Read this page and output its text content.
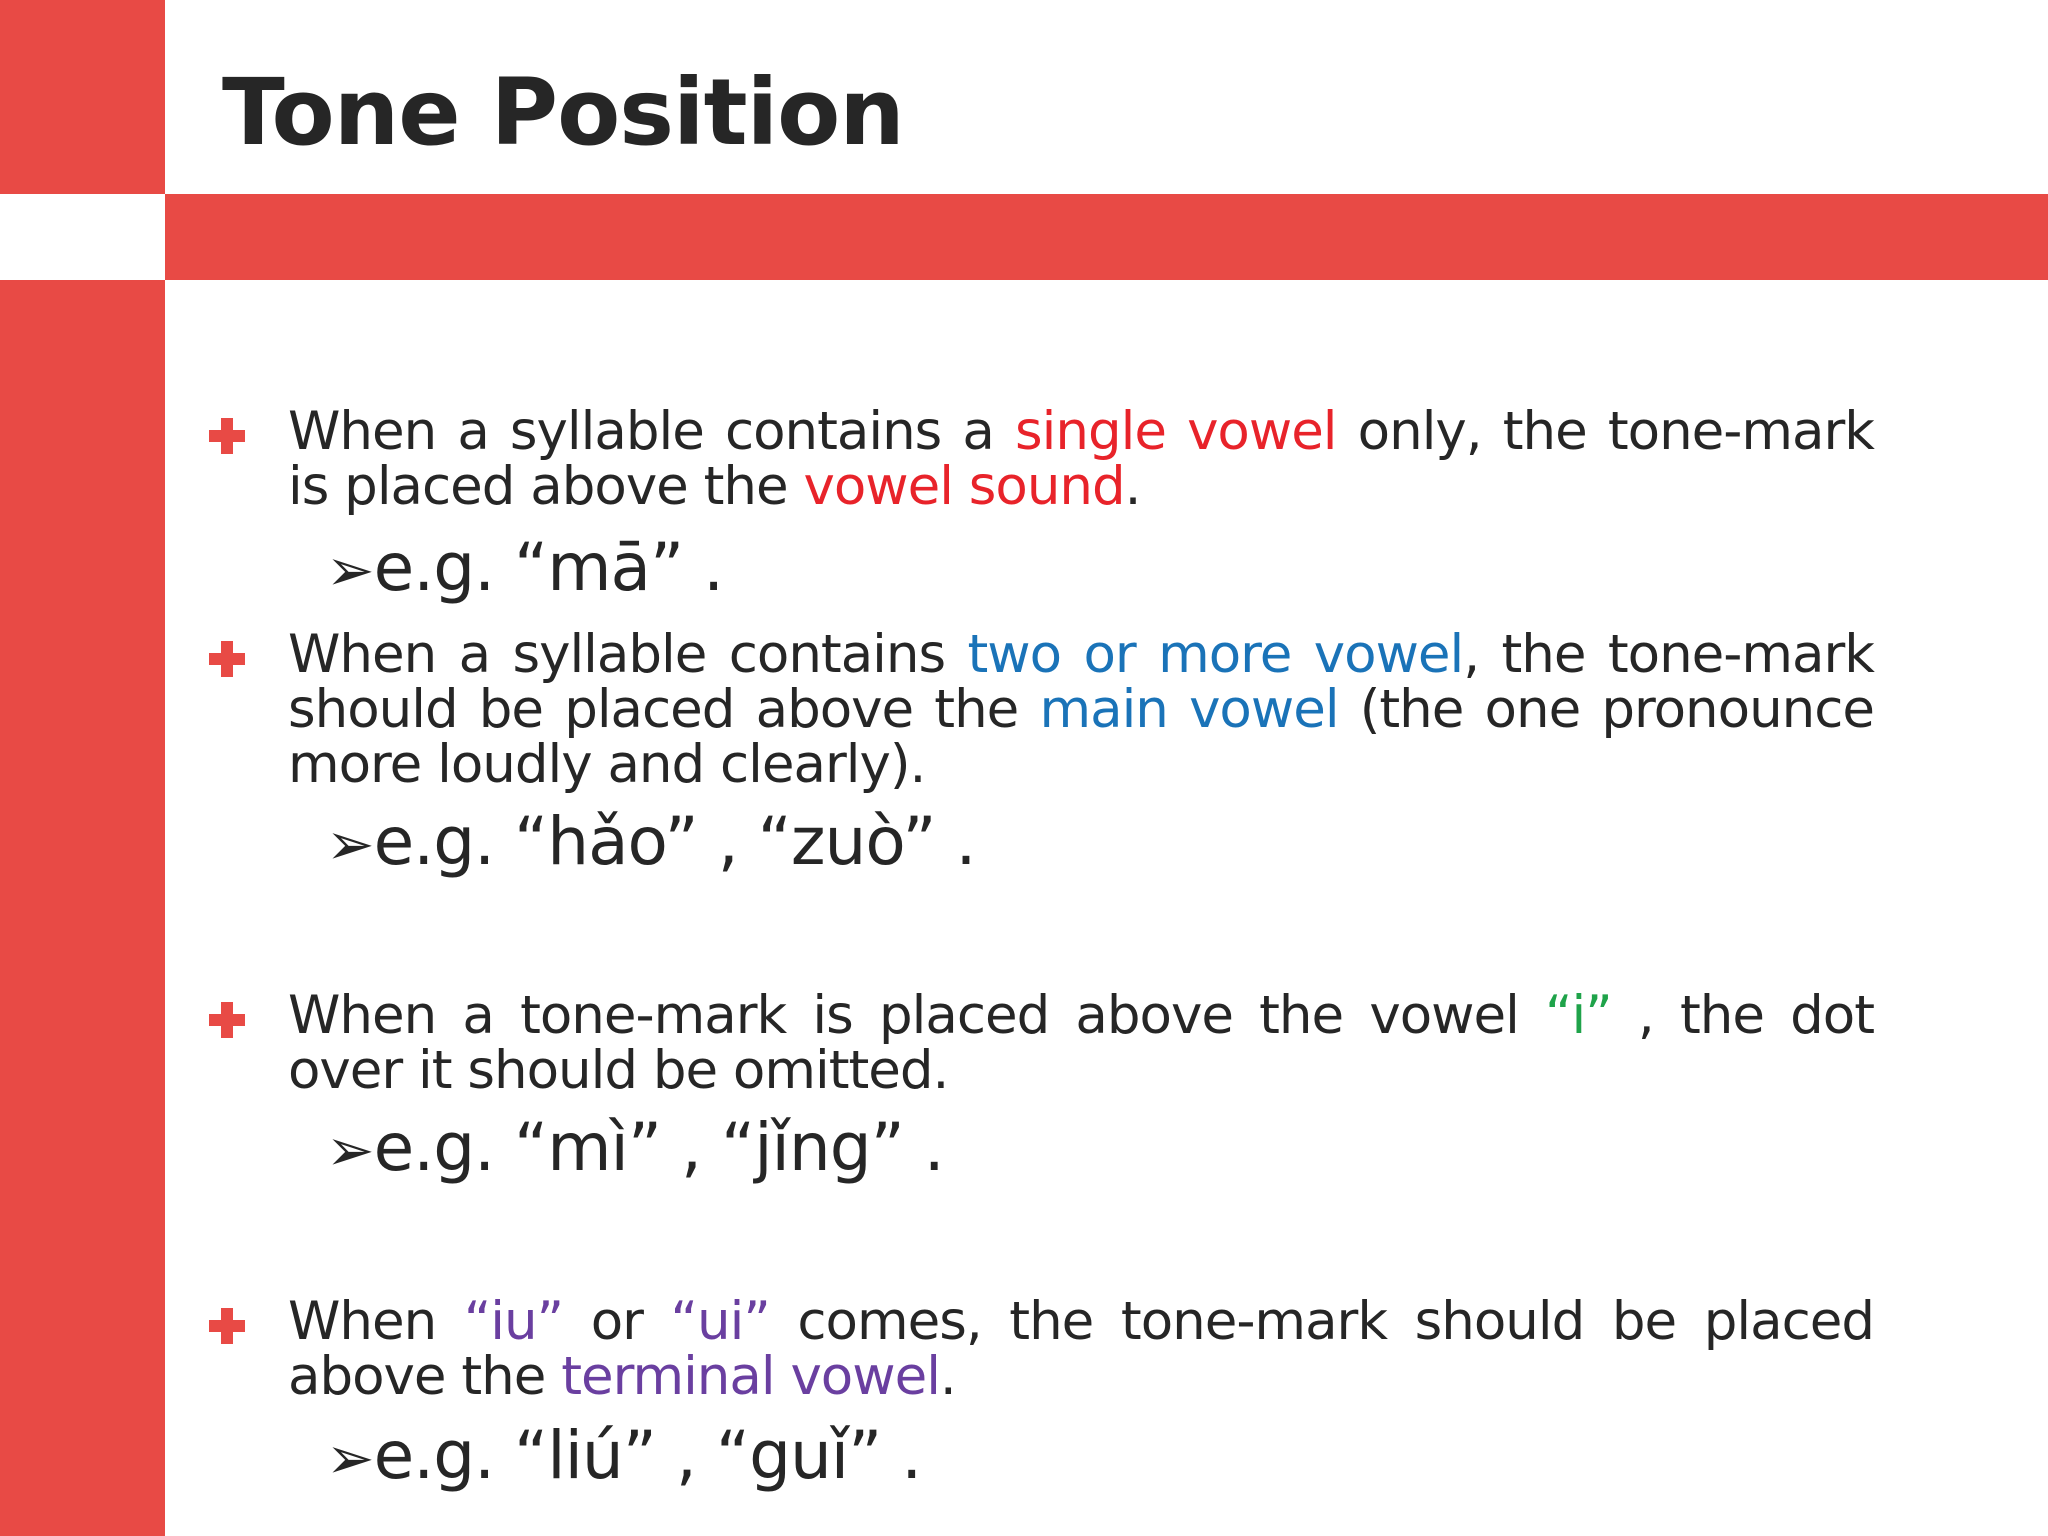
Tone Position

When a syllable contains a single vowel only, the tone-mark is placed above the vowel sound.

➢e.g. “mā” .

When a syllable contains two or more vowel, the tone-mark should be placed above the main vowel (the one pronounce more loudly and clearly).

➢e.g. “hǎo” , “zuò” .

When a tone-mark is placed above the vowel “i” , the dot over it should be omitted.

➢e.g. “mì” , “jǐng” .

When “iu” or “ui” comes, the tone-mark should be placed above the terminal vowel.

➢e.g. “liú” , “guǐ” .
